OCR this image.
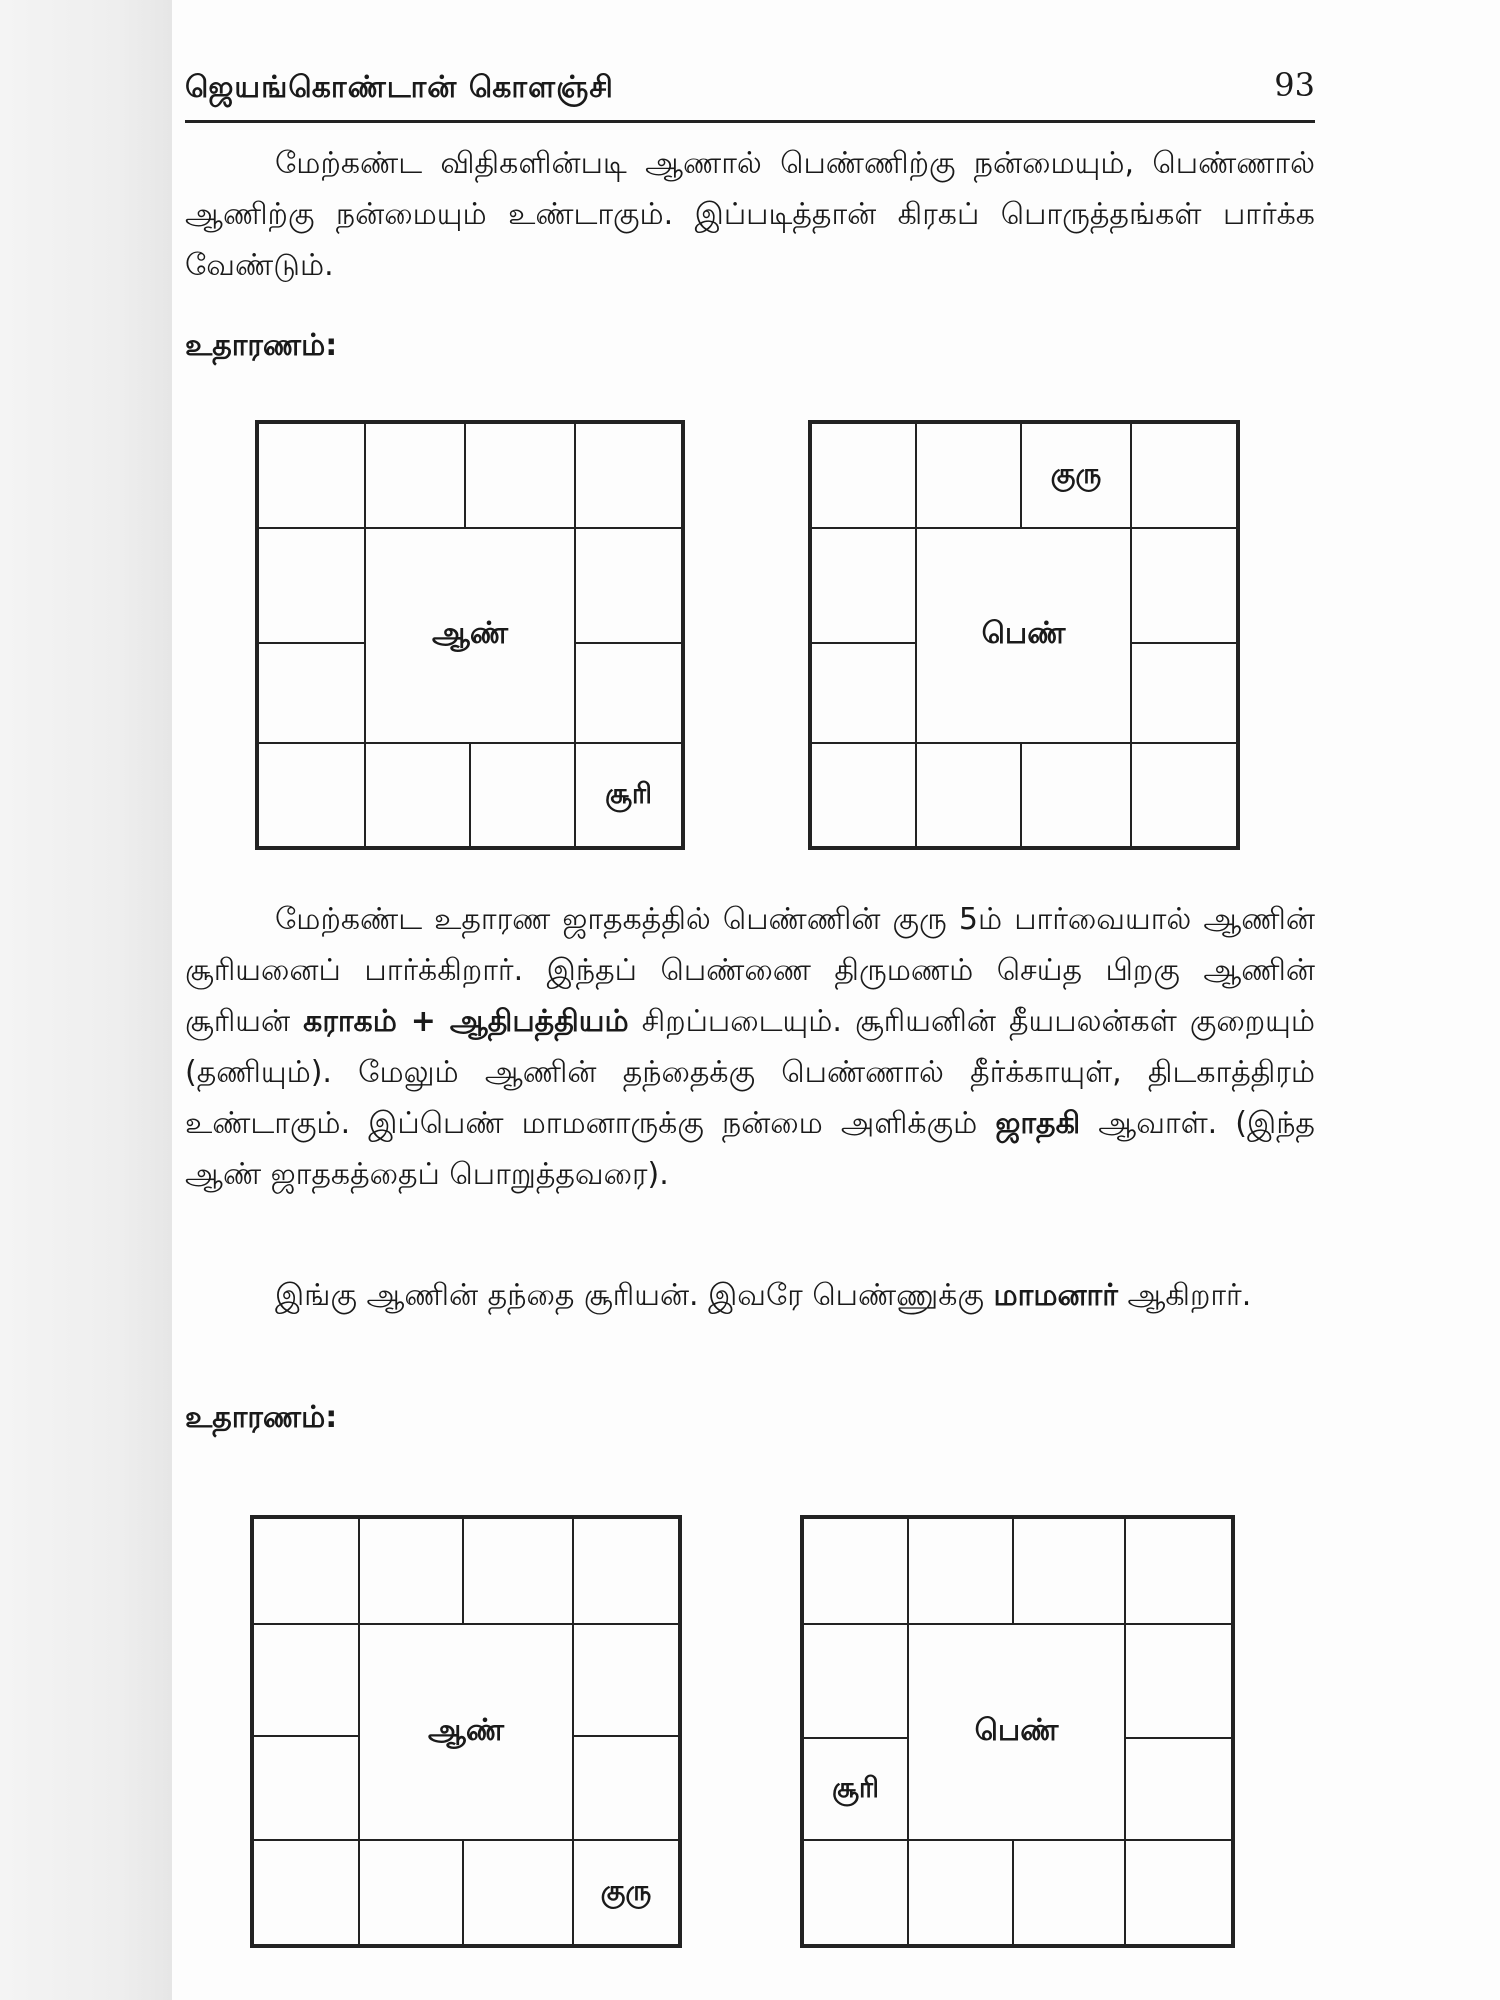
ஜெயங்கொண்டான் கொளஞ்சி	93

மேற்கண்ட விதிகளின்படி ஆணால் பெண்ணிற்கு நன்மையும், பெண்ணால் ஆணிற்கு நன்மையும் உண்டாகும். இப்படித்தான் கிரகப் பொருத்தங்கள் பார்க்க வேண்டும்.

உதாரணம்:
ஆண்
சூரி
குரு
பெண்

மேற்கண்ட உதாரண ஜாதகத்தில் பெண்ணின் குரு 5ம் பார்வையால் ஆணின் சூரியனைப் பார்க்கிறார். இந்தப் பெண்ணை திருமணம் செய்த பிறகு ஆணின் சூரியன் கராகம் + ஆதிபத்தியம் சிறப்படையும். சூரியனின் தீயபலன்கள் குறையும் (தணியும்). மேலும் ஆணின் தந்தைக்கு பெண்ணால் தீர்க்காயுள், திடகாத்திரம் உண்டாகும். இப்பெண் மாமனாருக்கு நன்மை அளிக்கும் ஜாதகி ஆவாள். (இந்த ஆண் ஜாதகத்தைப் பொறுத்தவரை).

இங்கு ஆணின் தந்தை சூரியன். இவரே பெண்ணுக்கு மாமனார் ஆகிறார்.

உதாரணம்:
ஆண்
குரு
சூரி
பெண்
